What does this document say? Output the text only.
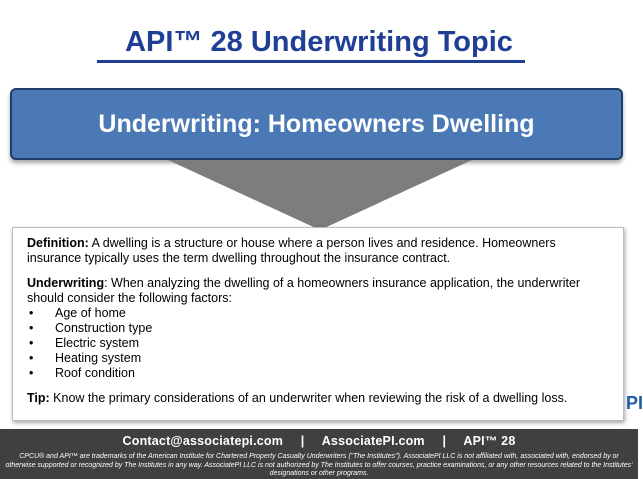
API™ 28 Underwriting Topic
Underwriting: Homeowners Dwelling

Definition: A dwelling is a structure or house where a person lives and residence. Homeowners insurance typically uses the term dwelling throughout the insurance contract.

Underwriting: When analyzing the dwelling of a homeowners insurance application, the underwriter should consider the following factors:

• Age of home
• Construction type
• Electric system
• Heating system
• Roof condition

Tip: Know the primary considerations of an underwriter when reviewing the risk of a dwelling loss.	PI
Contact@associatepi.com | AssociatePI.com | API™ 28
CPCU® and API™ are trademarks of the American Institute for Chartered Property Casualty Underwriters ("The Institutes"). AssociatePI LLC is not affiliated with, associated with, endorsed by or otherwise supported or recognized by The Institutes in any way. AssociatePI LLC is not authorized by The Institutes to offer courses, practice examinations, or any other resources related to the Institutes' designations or other programs.
